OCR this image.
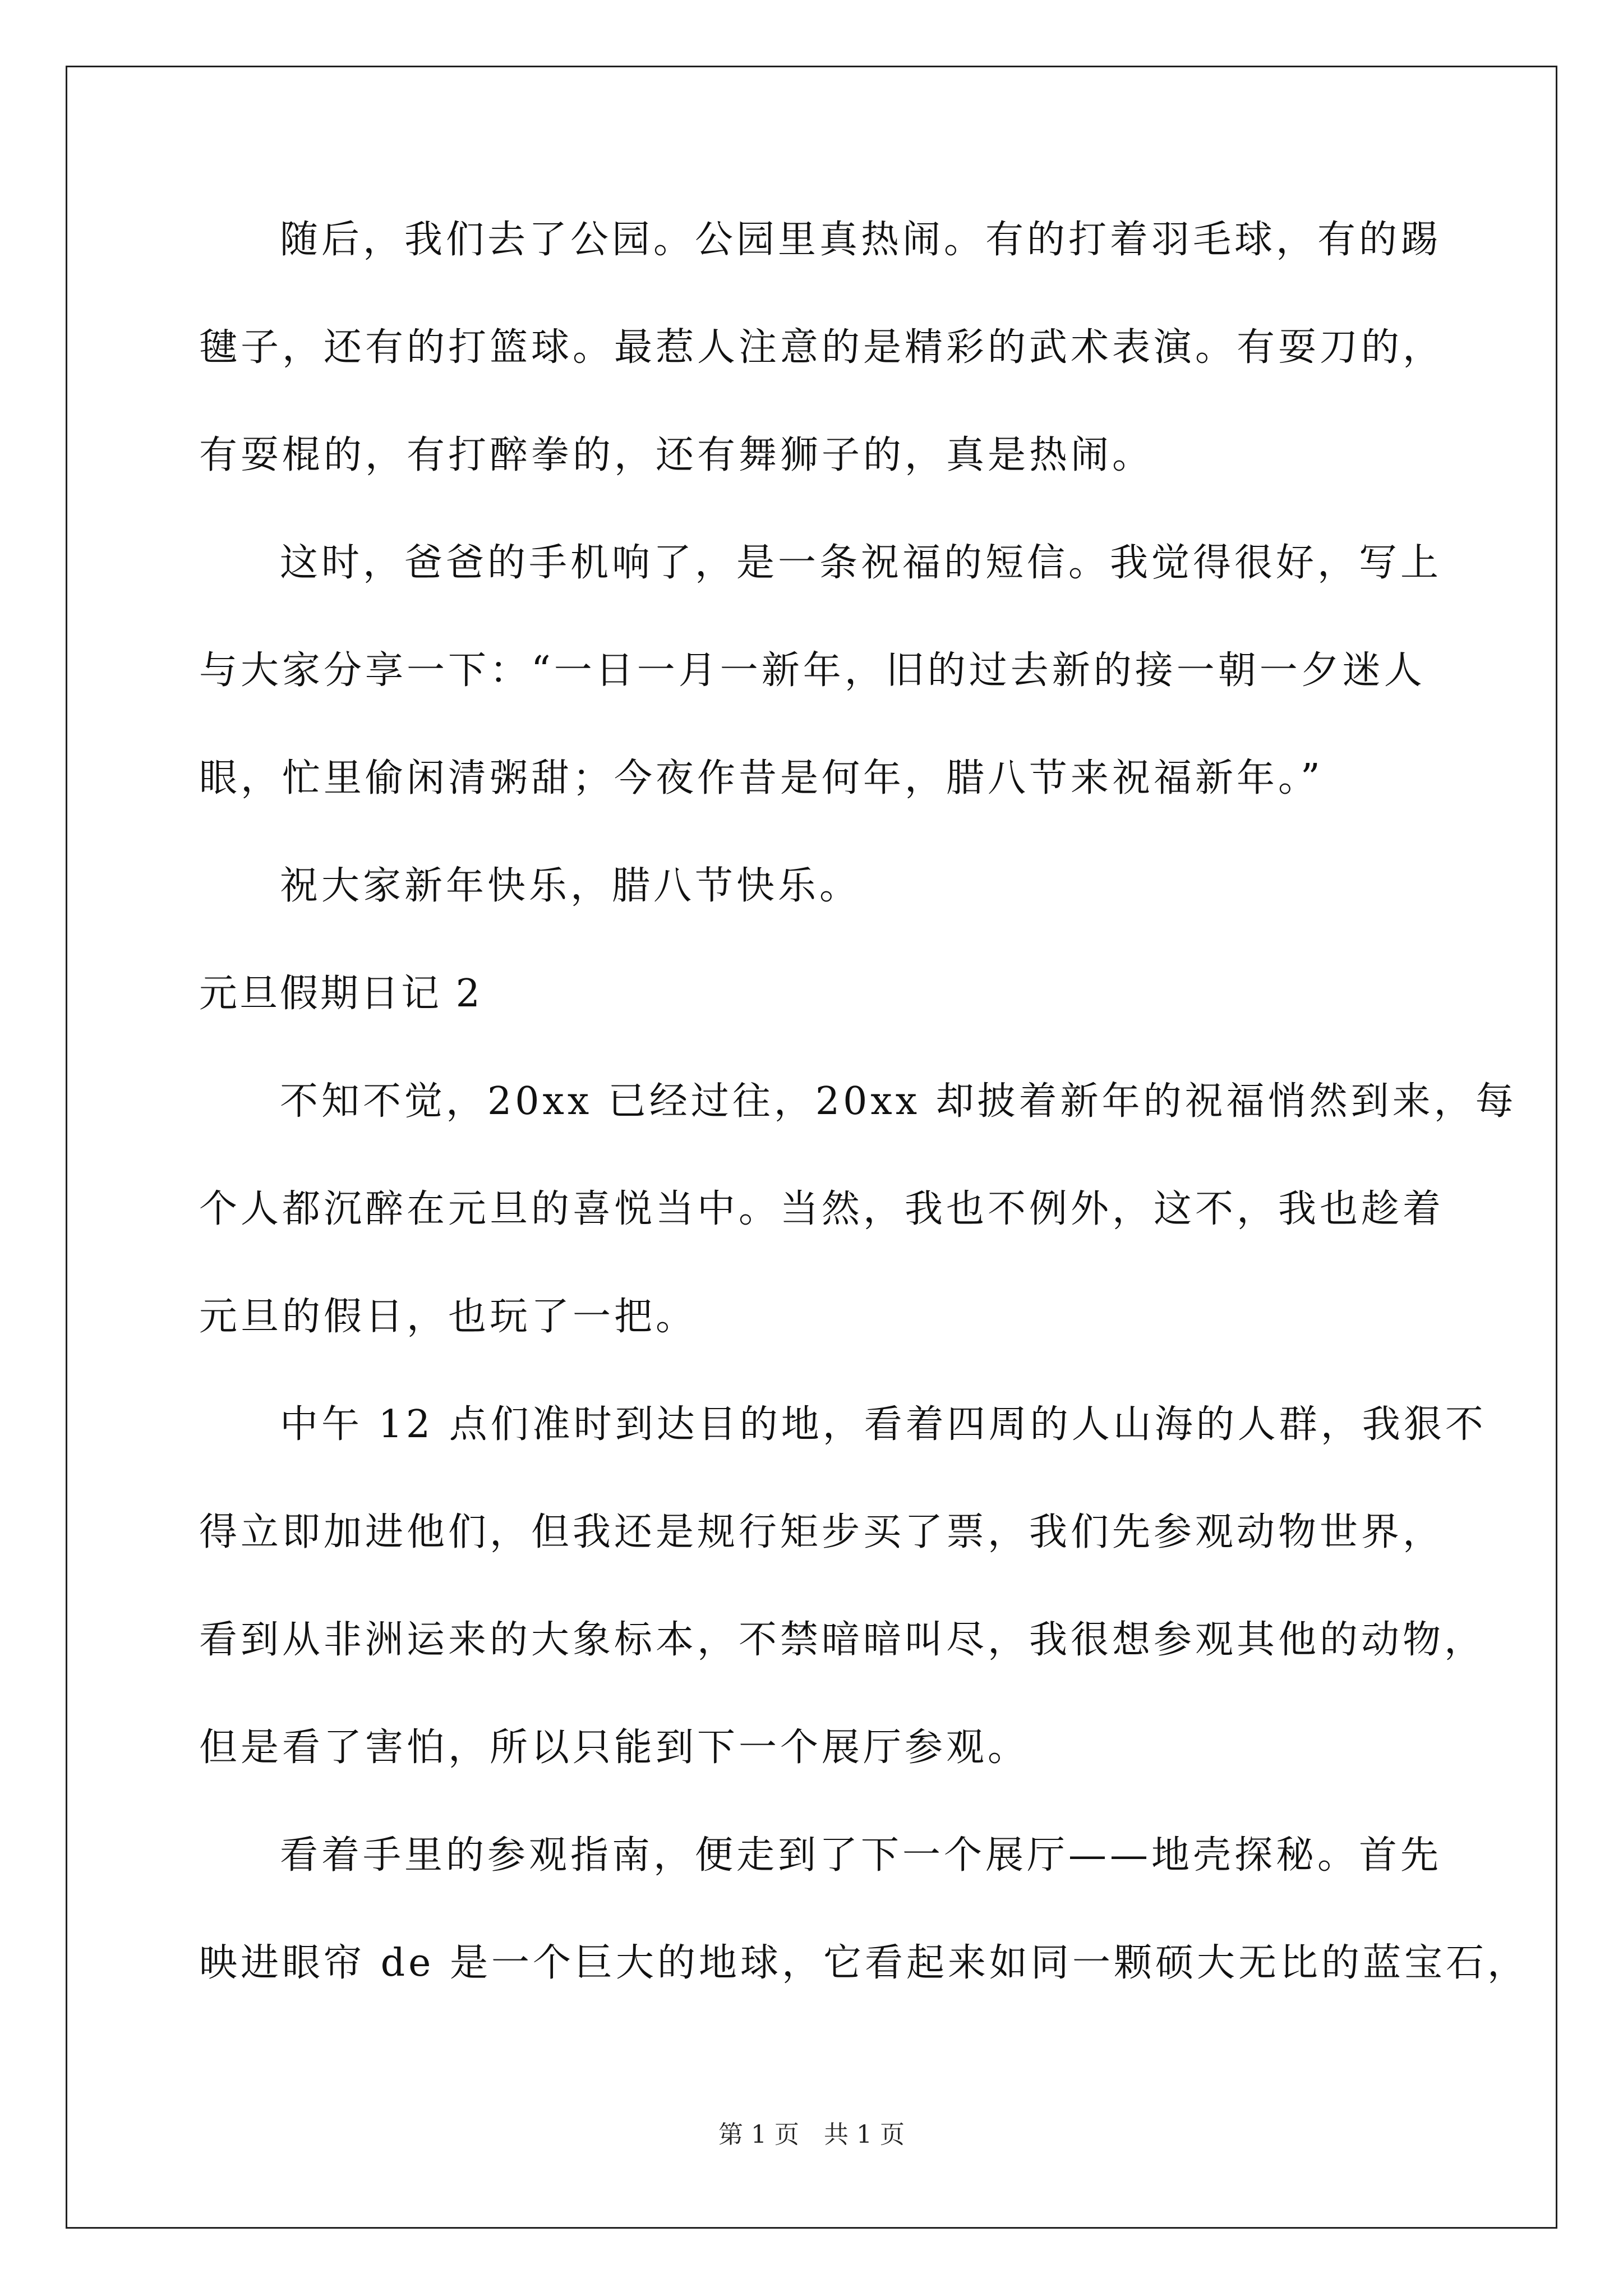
随后，我们去了公园。公园里真热闹。有的打着羽毛球，有的踢

毽子，还有的打篮球。最惹人注意的是精彩的武术表演。有耍刀的，

有耍棍的，有打醉拳的，还有舞狮子的，真是热闹。

这时，爸爸的手机响了，是一条祝福的短信。我觉得很好，写上

与大家分享一下：“一日一月一新年，旧的过去新的接一朝一夕迷人

眼，忙里偷闲清粥甜；今夜作昔是何年，腊八节来祝福新年。”

祝大家新年快乐，腊八节快乐。

元旦假期日记 2

不知不觉，20xx 已经过往，20xx 却披着新年的祝福悄然到来，每

个人都沉醉在元旦的喜悦当中。当然，我也不例外，这不，我也趁着

元旦的假日，也玩了一把。

中午 12 点们准时到达目的地，看着四周的人山海的人群，我狠不

得立即加进他们，但我还是规行矩步买了票，我们先参观动物世界，

看到从非洲运来的大象标本，不禁暗暗叫尽，我很想参观其他的动物，

但是看了害怕，所以只能到下一个展厅参观。

看着手里的参观指南，便走到了下一个展厅——地壳探秘。首先

映进眼帘 de 是一个巨大的地球，它看起来如同一颗硕大无比的蓝宝石，

第 1 页　共 1 页
